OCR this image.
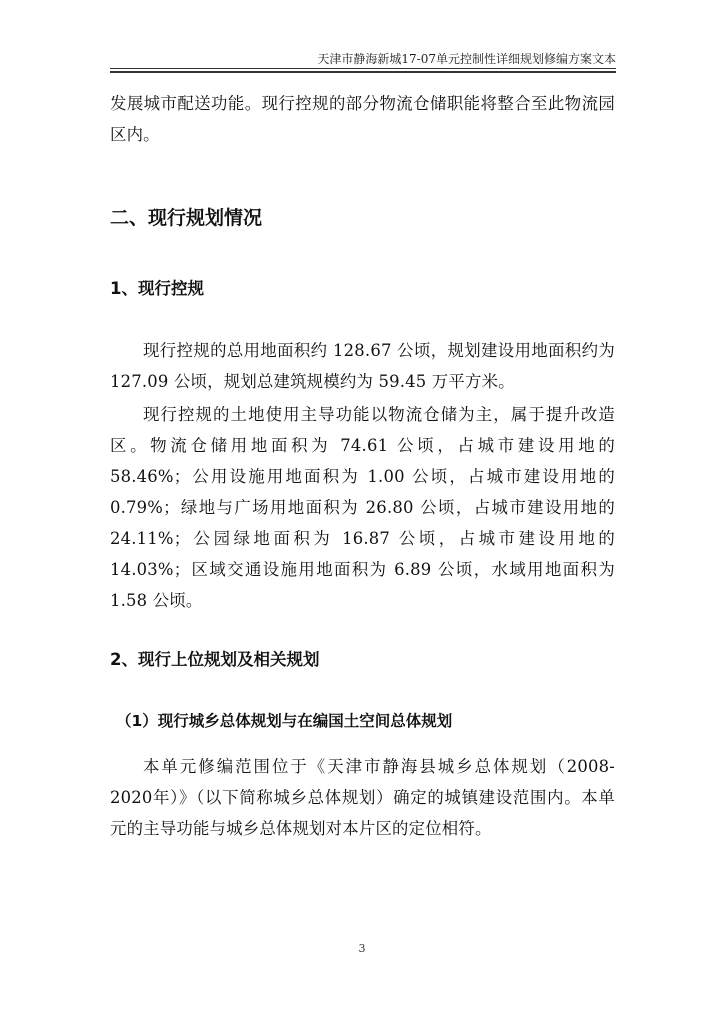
天津市静海新城17-07单元控制性详细规划修编方案文本

发展城市配送功能。现行控规的部分物流仓储职能将整合至此物流园区内。

二、现行规划情况
1、现行控规

现行控规的总用地面积约 128.67 公顷，规划建设用地面积约为 127.09 公顷，规划总建筑规模约为 59.45 万平方米。

现行控规的土地使用主导功能以物流仓储为主，属于提升改造区。物流仓储用地面积为 74.61 公顷，占城市建设用地的 58.46%；公用设施用地面积为 1.00 公顷，占城市建设用地的 0.79%；绿地与广场用地面积为 26.80 公顷，占城市建设用地的 24.11%；公园绿地面积为 16.87 公顷，占城市建设用地的 14.03%；区域交通设施用地面积为 6.89 公顷，水域用地面积为 1.58 公顷。

2、现行上位规划及相关规划
（1）现行城乡总体规划与在编国土空间总体规划

本单元修编范围位于《天津市静海县城乡总体规划（2008-2020年）》（以下简称城乡总体规划）确定的城镇建设范围内。本单元的主导功能与城乡总体规划对本片区的定位相符。

3
